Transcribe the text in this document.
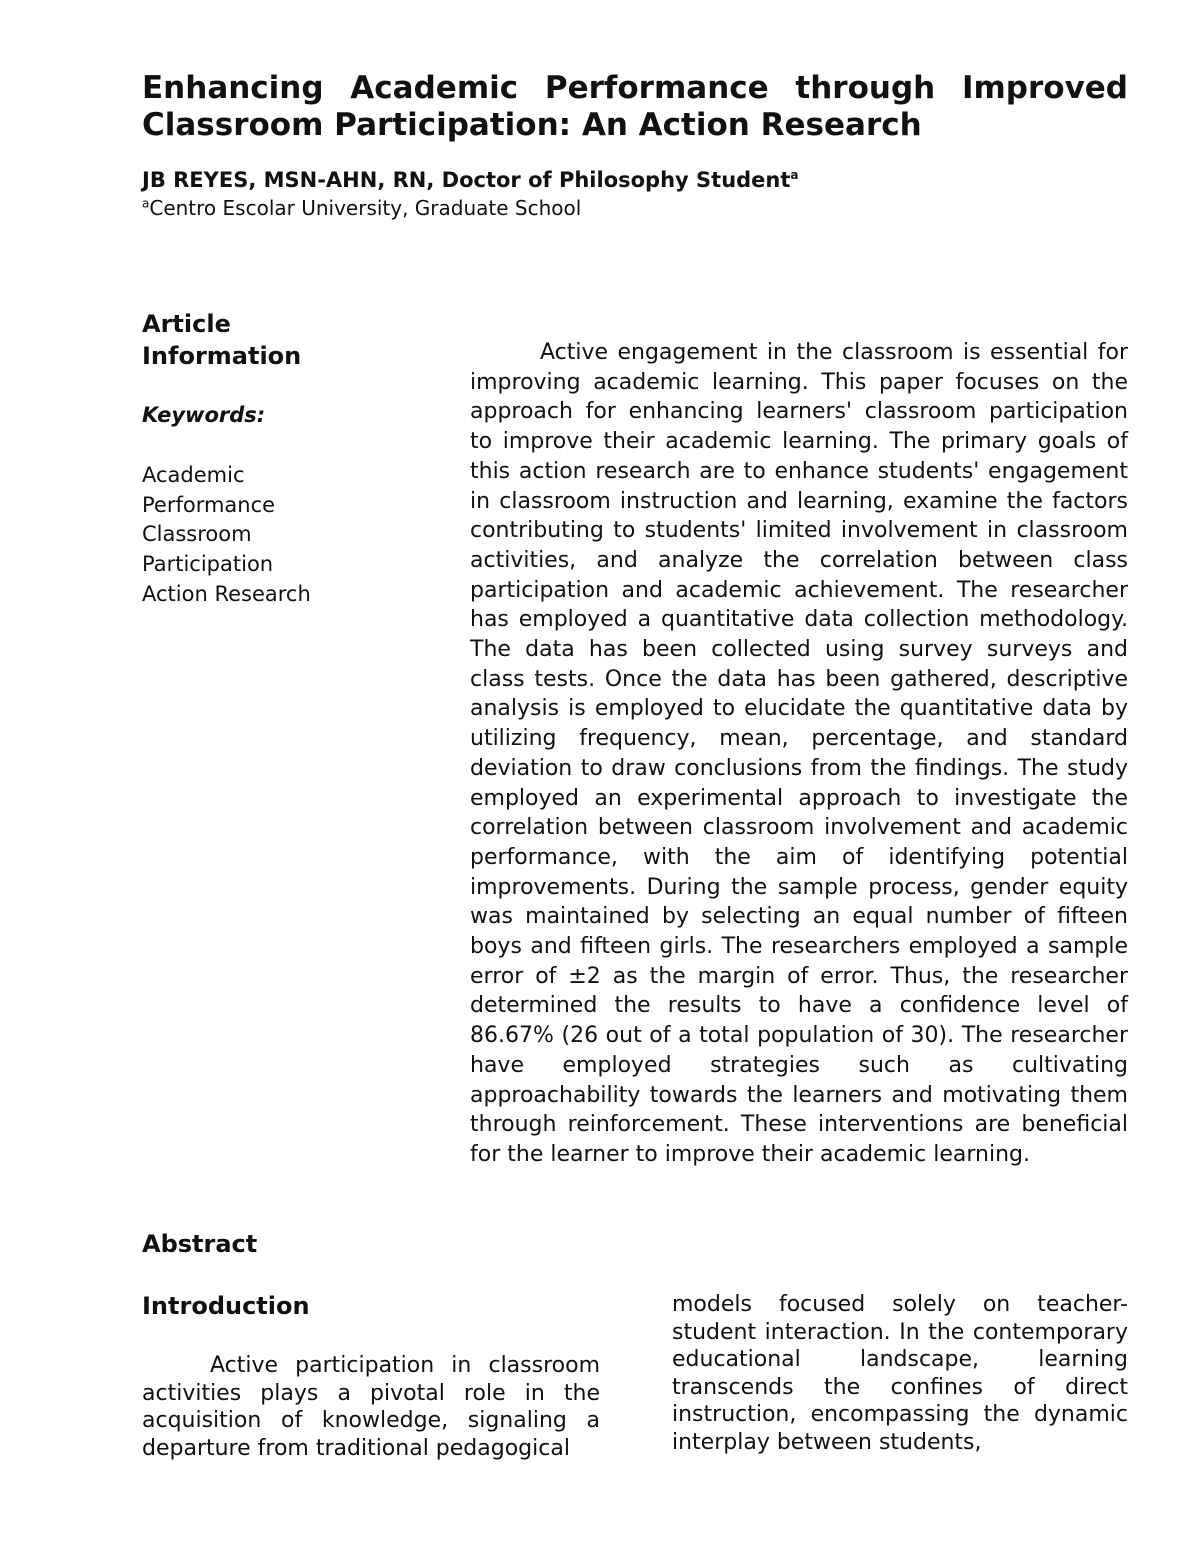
Enhancing Academic Performance through Improved Classroom Participation: An Action Research

JB REYES, MSN-AHN, RN, Doctor of Philosophy Student$^a$

$^a$Centro Escolar University, Graduate School

Article

Information

Keywords:

Academic
Performance
Classroom
Participation
Action Research

Active engagement in the classroom is essential for improving academic learning. This paper focuses on the approach for enhancing learners' classroom participation to improve their academic learning. The primary goals of this action research are to enhance students' engagement in classroom instruction and learning, examine the factors contributing to students' limited involvement in classroom activities, and analyze the correlation between class participation and academic achievement. The researcher has employed a quantitative data collection methodology. The data has been collected using survey surveys and class tests. Once the data has been gathered, descriptive analysis is employed to elucidate the quantitative data by utilizing frequency, mean, percentage, and standard deviation to draw conclusions from the findings. The study employed an experimental approach to investigate the correlation between classroom involvement and academic performance, with the aim of identifying potential improvements. During the sample process, gender equity was maintained by selecting an equal number of fifteen boys and fifteen girls. The researchers employed a sample error of ±2 as the margin of error. Thus, the researcher determined the results to have a confidence level of 86.67% (26 out of a total population of 30). The researcher have employed strategies such as cultivating approachability towards the learners and motivating them through reinforcement. These interventions are beneficial for the learner to improve their academic learning.

Abstract
Introduction

Active participation in classroom activities plays a pivotal role in the acquisition of knowledge, signaling a departure from traditional pedagogical

models focused solely on teacher-student interaction. In the contemporary educational landscape, learning transcends the confines of direct instruction, encompassing the dynamic interplay between students,
